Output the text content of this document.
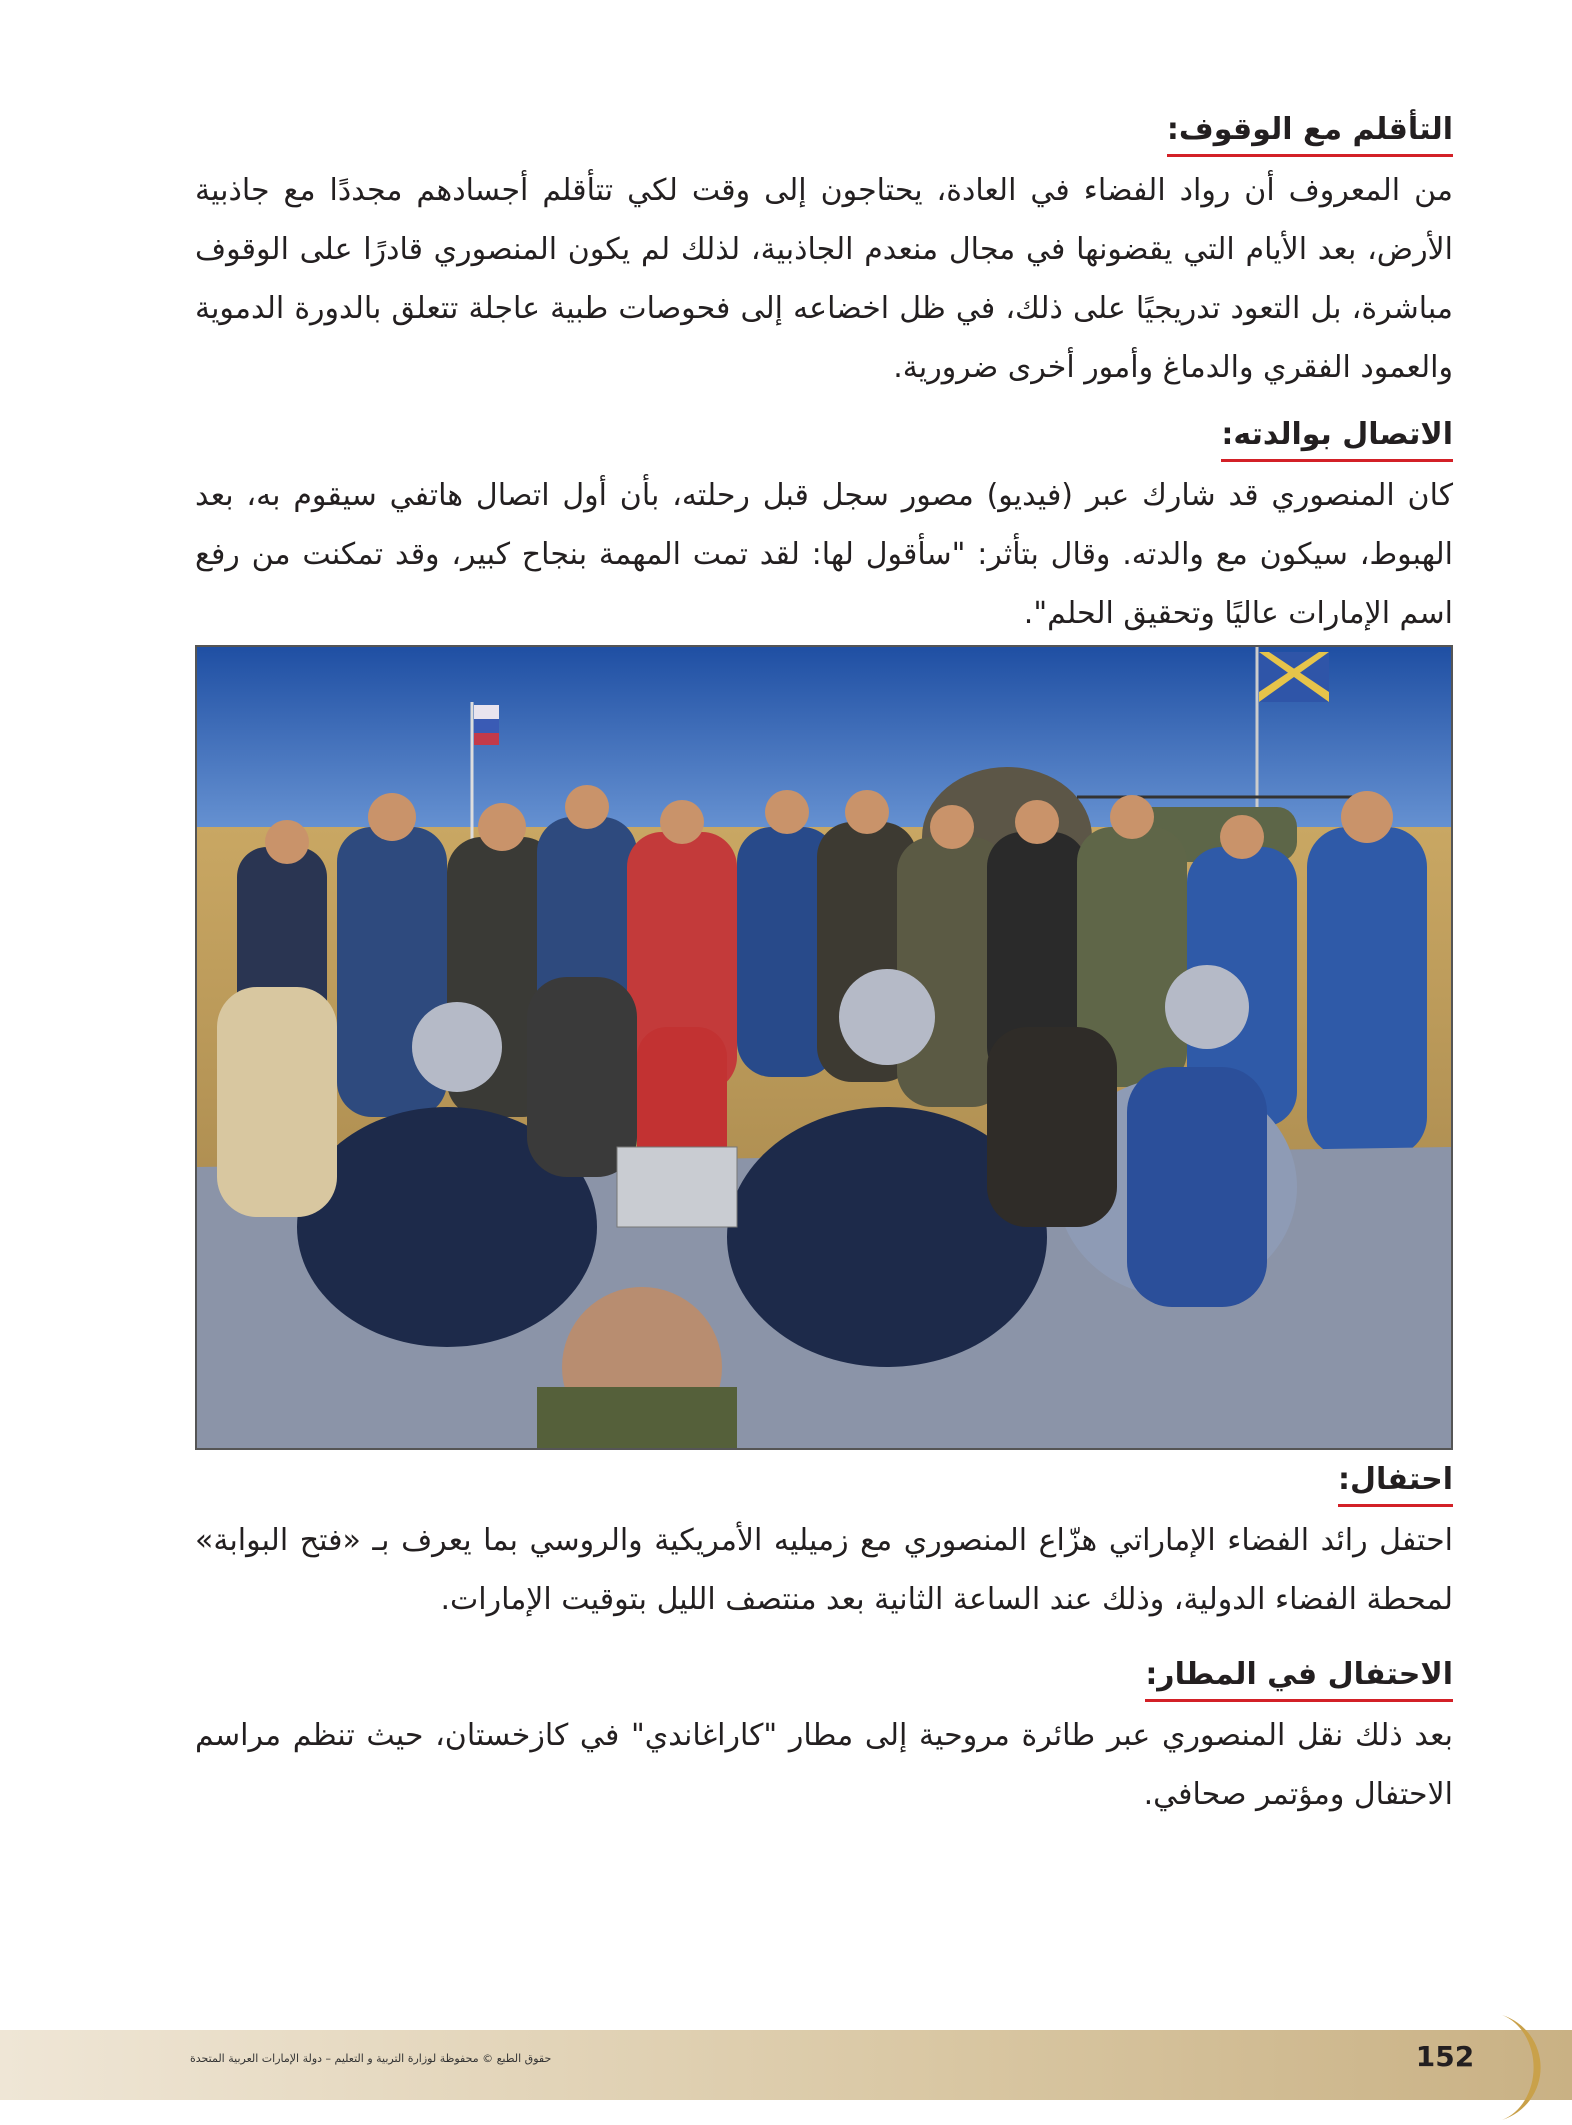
التأقلم مع الوقوف:

من المعروف أن رواد الفضاء في العادة، يحتاجون إلى وقت لكي تتأقلم أجسادهم مجددًا مع جاذبية الأرض، بعد الأيام التي يقضونها في مجال منعدم الجاذبية، لذلك لم يكون المنصوري قادرًا على الوقوف مباشرة، بل التعود تدريجيًا على ذلك، في ظل اخضاعه إلى فحوصات طبية عاجلة تتعلق بالدورة الدموية والعمود الفقري والدماغ وأمور أخرى ضرورية.

الاتصال بوالدته:

كان المنصوري قد شارك عبر (فيديو) مصور سجل قبل رحلته، بأن أول اتصال هاتفي سيقوم به، بعد الهبوط، سيكون مع والدته. وقال بتأثر: "سأقول لها: لقد تمت المهمة بنجاح كبير، وقد تمكنت من رفع اسم الإمارات عاليًا وتحقيق الحلم".

احتفال:

احتفل رائد الفضاء الإماراتي هزّاع المنصوري مع زميليه الأمريكية والروسي بما يعرف بـ «فتح البوابة» لمحطة الفضاء الدولية، وذلك عند الساعة الثانية بعد منتصف الليل بتوقيت الإمارات.

الاحتفال في المطار:

بعد ذلك نقل المنصوري عبر طائرة مروحية إلى مطار "كاراغاندي" في كازخستان، حيث تنظم مراسم الاحتفال ومؤتمر صحافي.

حقوق الطبع © محفوظة لوزارة التربية و التعليم – دولة الإمارات العربية المتحدة	152
